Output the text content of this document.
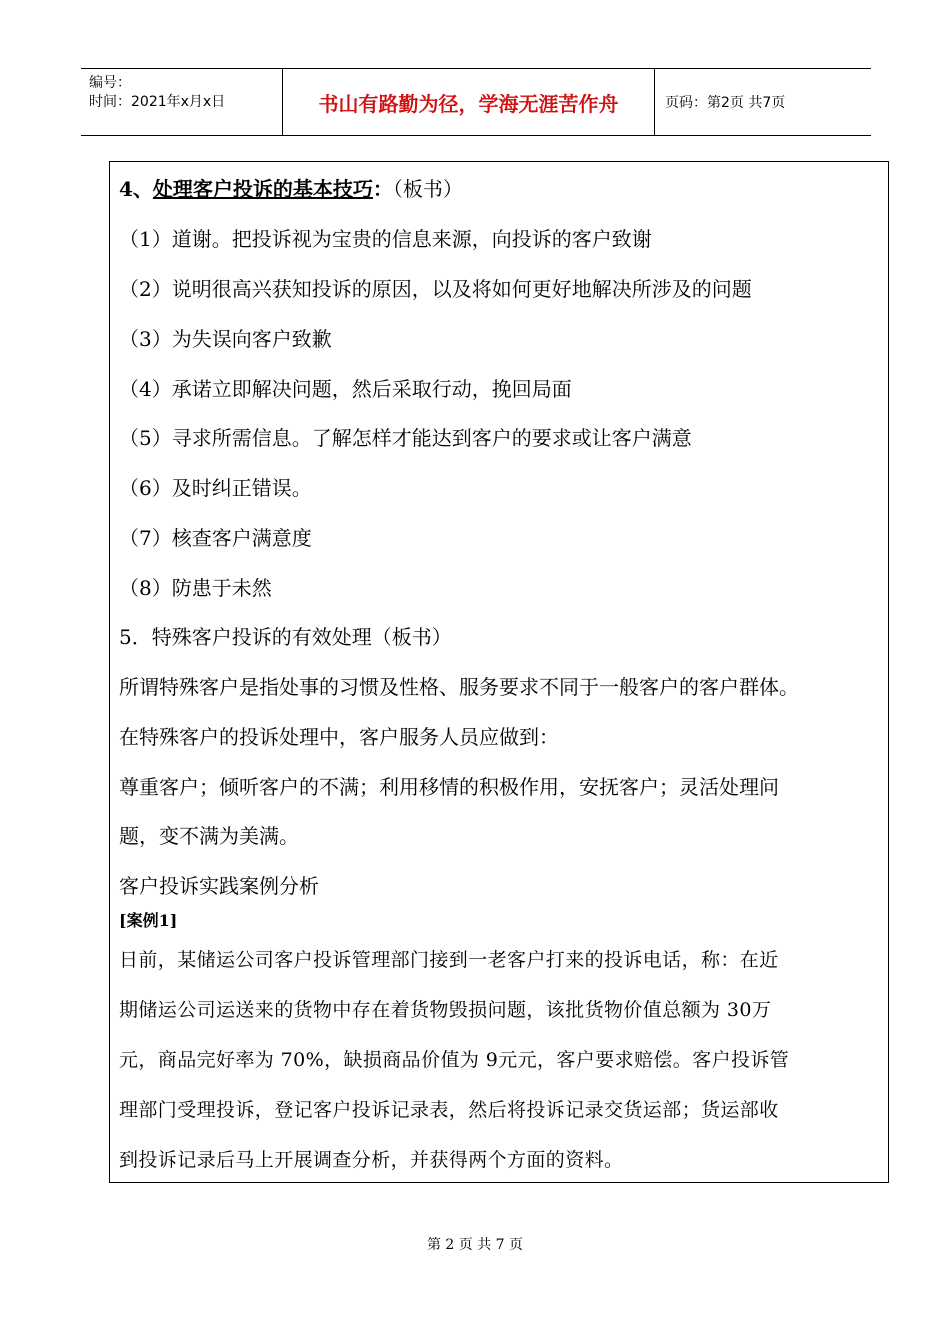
编号：
时间：2021年x月x日	书山有路勤为径，学海无涯苦作舟	页码：第2页 共7页
4、处理客户投诉的基本技巧：（板书）
（1）道谢。把投诉视为宝贵的信息来源，向投诉的客户致谢
（2）说明很高兴获知投诉的原因，以及将如何更好地解决所涉及的问题
（3）为失误向客户致歉
（4）承诺立即解决问题，然后采取行动，挽回局面
（5）寻求所需信息。了解怎样才能达到客户的要求或让客户满意
（6）及时纠正错误。
（7）核查客户满意度
（8）防患于未然
5．特殊客户投诉的有效处理（板书）
所谓特殊客户是指处事的习惯及性格、服务要求不同于一般客户的客户群体。
在特殊客户的投诉处理中，客户服务人员应做到：
尊重客户；倾听客户的不满；利用移情的积极作用，安抚客户；灵活处理问
题，变不满为美满。
客户投诉实践案例分析
[案例1]
日前，某储运公司客户投诉管理部门接到一老客户打来的投诉电话，称：在近
期储运公司运送来的货物中存在着货物毁损问题，该批货物价值总额为 30万
元，商品完好率为 70%，缺损商品价值为 9元元，客户要求赔偿。客户投诉管
理部门受理投诉，登记客户投诉记录表，然后将投诉记录交货运部；货运部收
到投诉记录后马上开展调查分析，并获得两个方面的资料。
第 2 页 共 7 页
